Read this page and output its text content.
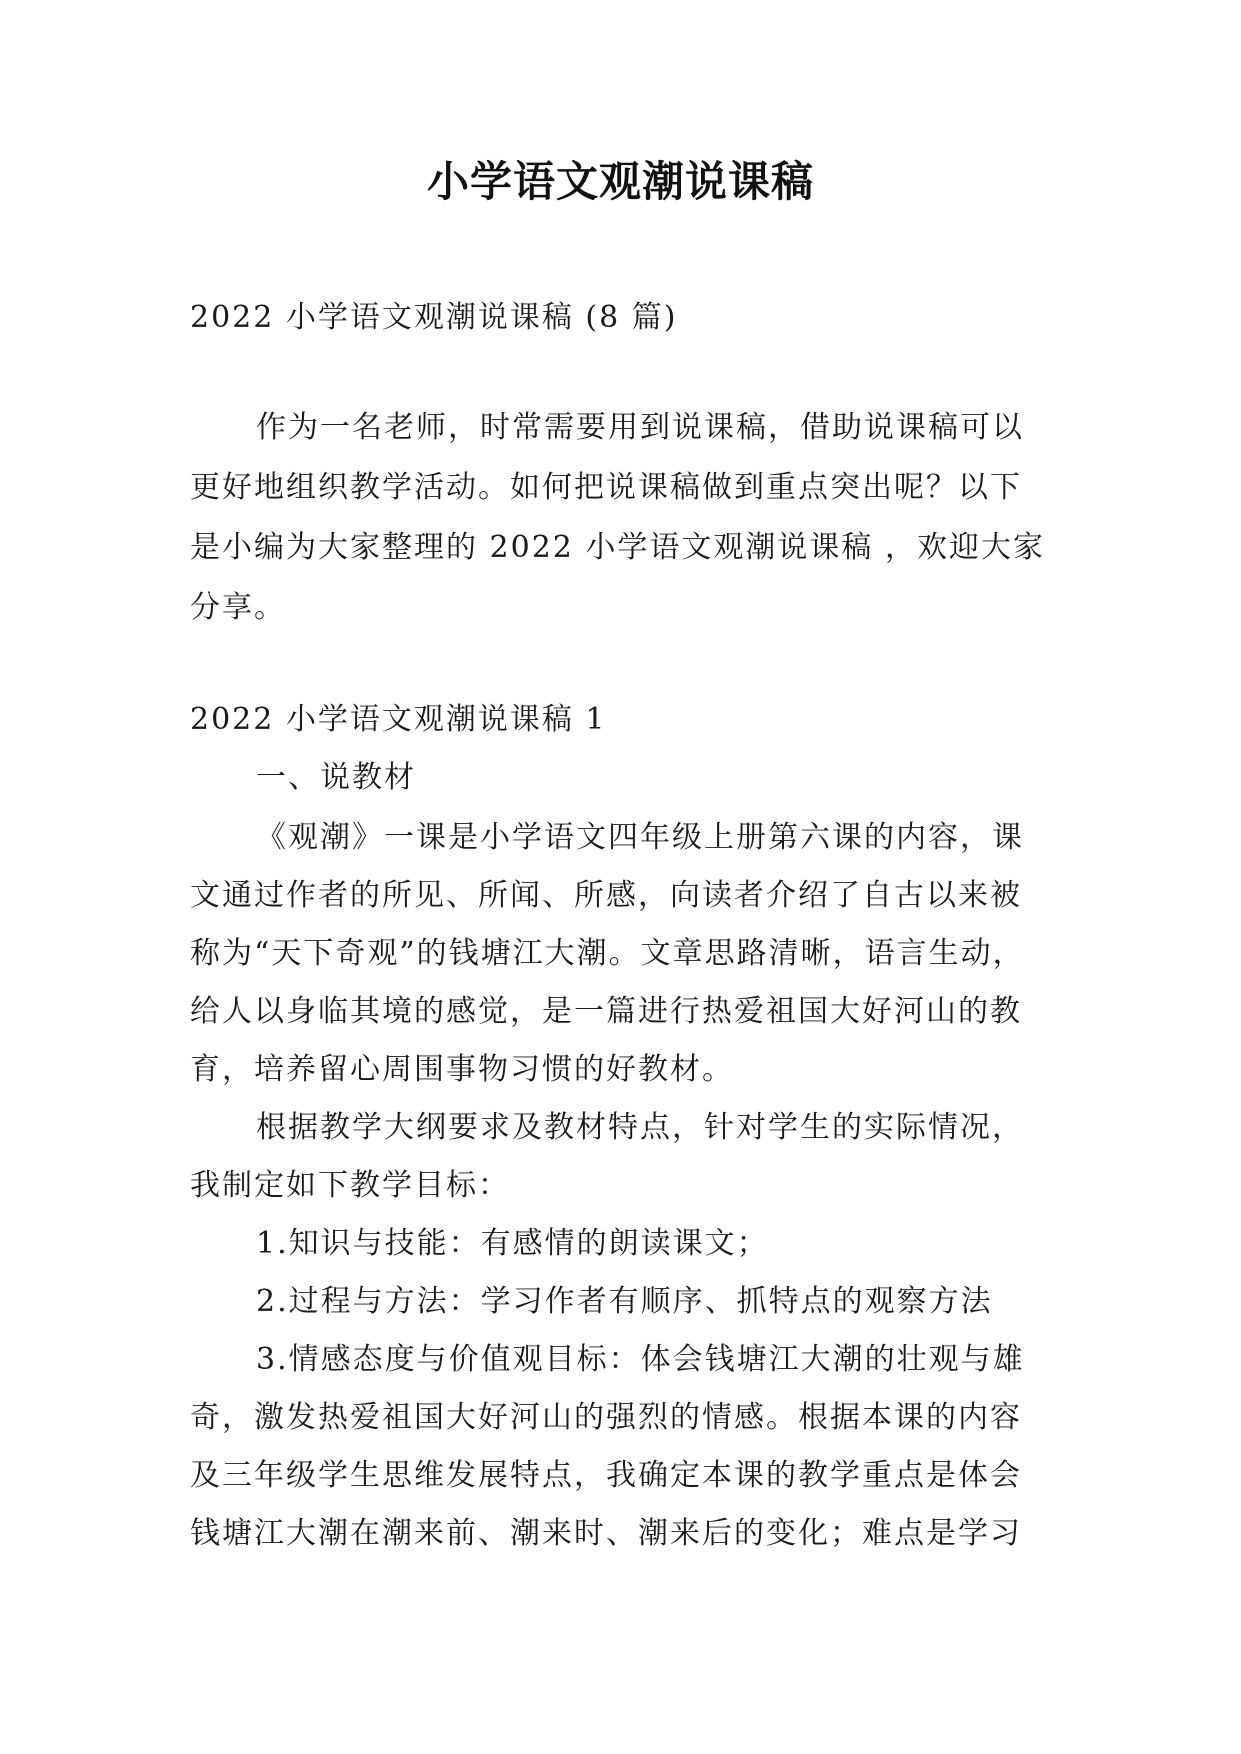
小学语文观潮说课稿
2022 小学语文观潮说课稿 (8 篇)
作为一名老师，时常需要用到说课稿，借助说课稿可以
更好地组织教学活动。如何把说课稿做到重点突出呢？以下
是小编为大家整理的 2022 小学语文观潮说课稿 ，欢迎大家
分享。
2022 小学语文观潮说课稿 1
一、说教材
《观潮》一课是小学语文四年级上册第六课的内容，课
文通过作者的所见、所闻、所感，向读者介绍了自古以来被
称为“天下奇观”的钱塘江大潮。文章思路清晰，语言生动，
给人以身临其境的感觉，是一篇进行热爱祖国大好河山的教
育，培养留心周围事物习惯的好教材。
根据教学大纲要求及教材特点，针对学生的实际情况，
我制定如下教学目标：
1.知识与技能：有感情的朗读课文；
2.过程与方法：学习作者有顺序、抓特点的观察方法
3.情感态度与价值观目标：体会钱塘江大潮的壮观与雄
奇，激发热爱祖国大好河山的强烈的情感。根据本课的内容
及三年级学生思维发展特点，我确定本课的教学重点是体会
钱塘江大潮在潮来前、潮来时、潮来后的变化；难点是学习
